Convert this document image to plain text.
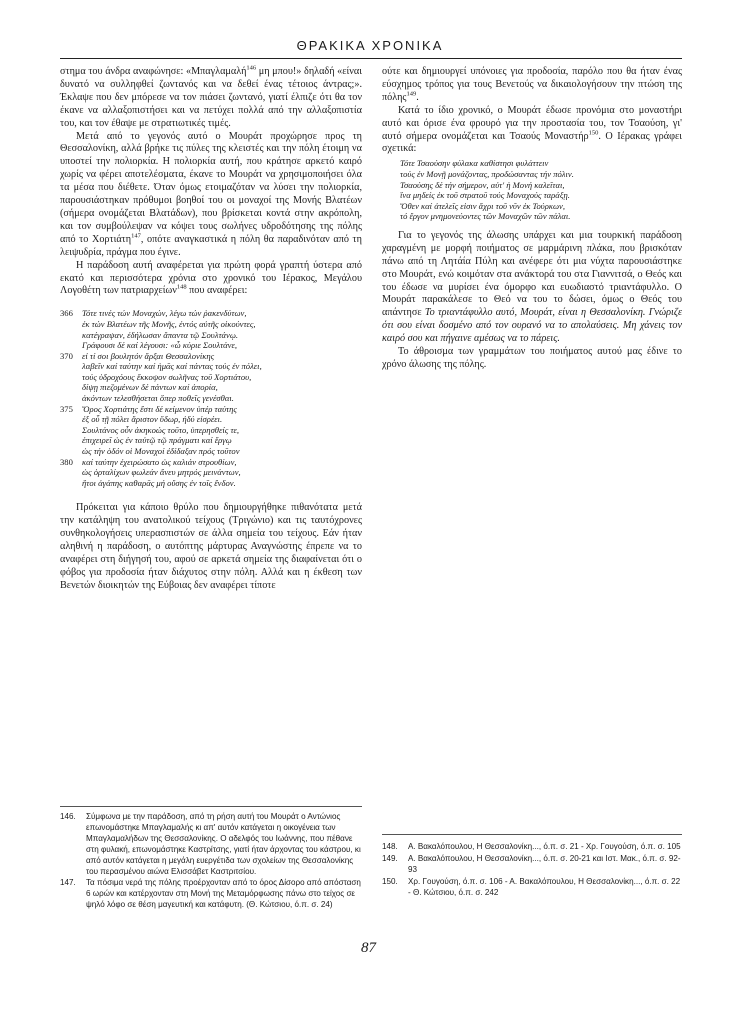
ΘΡΑΚΙΚΑ ΧΡΟΝΙΚΑ

στημα του άνδρα αναφώνησε: «Μπαγλαμαλή$^{146}$ μη μπου!» δηλαδή «είναι δυνατό να συλληφθεί ζωντανός και να δεθεί ένας τέτοιος άντρας;». Έκλαψε που δεν μπόρεσε να τον πιάσει ζωντανό, γιατί έλπιζε ότι θα τον έκανε να αλλαξοπιστήσει και να πετύχει πολλά από την αλλαξοπιστία του, και τον έθαψε με στρατιωτικές τιμές.

Μετά από το γεγονός αυτό ο Μουράτ προχώρησε προς τη Θεσσαλονίκη, αλλά βρήκε τις πύλες της κλειστές και την πόλη έτοιμη να υποστεί την πολιορκία. Η πολιορκία αυτή, που κράτησε αρκετό καιρό χωρίς να φέρει αποτελέσματα, έκανε το Μουράτ να χρησιμοποιήσει όλα τα μέσα που διέθετε. Όταν όμως ετοιμαζόταν να λύσει την πολιορκία, παρουσιάστηκαν πρόθυμοι βοηθοί του οι μοναχοί της Μονής Βλατέων (σήμερα ονομάζεται Βλατάδων), που βρίσκεται κοντά στην ακρόπολη, και τον συμβούλεψαν να κόψει τους σωλήνες υδροδότησης της πόλης από το Χορτιάτη$^{147}$, οπότε αναγκαστικά η πόλη θα παραδινόταν από τη λειψυδρία, πράγμα που έγινε.

Η παράδοση αυτή αναφέρεται για πρώτη φορά γραπτή ύστερα από εκατό και περισσότερα χρόνια στο χρονικό του Ιέρακος, Μεγάλου Λογοθέτη των πατριαρχείων$^{148}$ που αναφέρει:

366	Τότε τινές τών Μοναχών, λέγω τών ῥακενδύτων,
ἐκ τών Βλατέων τῆς Μονῆς, ἐντός αὐτῆς οἰκούντες,
κατέγραψαν, ἐδήλωσαν ἅπαντα τῷ Σουλτάνῳ.
Γράφουσι δέ καί λέγουσι: «ὦ κύριε Σουλτάνε,
370	εἰ τί σοι βουλητόν ἄρξαι Θεσσαλονίκης
λαβεῖν καί ταύτην καί ἡμᾶς καί πάντας τούς ἐν πόλει,
τούς ὑδροχόους ἔκκοψον σωλῆνας τοῦ Χορτιάτου,
δίψῃ πιεζομένων δέ πάντων καί ἀπορία,
ἀκόντων τελεσθήσεται ὅπερ ποθεῖς γενέσθαι.
375	Ὄρος Χορτιάτης ἔστι δέ κείμενον ὑπέρ ταύτης
ἐξ οὗ τῇ πόλει ἄριστον ὕδωρ, ἠδύ εἰσρέει.
Σουλτάνος οὖν ἀκηκοώς τοῦτο, ὑπερησθείς τε,
ἐπιχειρεῖ ὡς ἐν ταὐτῷ τῷ πράγματι καί ἔργῳ
ὡς τήν ὁδόν οἱ Μοναχοί ἐδίδαξαν πρός τοῦτον
380	καί ταύτην ἐχειρώσατο ὡς καλιάν στρουθίων,
ὡς ὀρταλίχων φωλεάν ἄνευ μητρός μεινάντων,
ἥτοι ἀγάπης καθαρᾶς μή οὔσης ἐν τοῖς ἔνδον.

Πρόκειται για κάποιο θρύλο που δημιουργήθηκε πιθανότατα μετά την κατάληψη του ανατολικού τείχους (Τριγώνιο) και τις ταυτόχρονες συνθηκολογήσεις υπερασπιστών σε άλλα σημεία του τείχους. Εάν ήταν αληθινή η παράδοση, ο αυτόπτης μάρτυρας Αναγνώστης έπρεπε να το αναφέρει στη διήγησή του, αφού σε αρκετά σημεία της διαφαίνεται ότι ο φόβος για προδοσία ήταν διάχυτος στην πόλη. Αλλά και η έκθεση των Βενετών διοικητών της Εύβοιας δεν αναφέρει τίποτε

ούτε και δημιουργεί υπόνοιες για προδοσία, παρόλο που θα ήταν ένας εύσχημος τρόπος για τους Βενετούς να δικαιολογήσουν την πτώση της πόλης$^{149}$.

Κατά το ίδιο χρονικό, ο Μουράτ έδωσε προνόμια στο μοναστήρι αυτό και όρισε ένα φρουρό για την προστασία του, τον Τσαούση, γι' αυτό σήμερα ονομάζεται και Τσαούς Μοναστήρ$^{150}$. Ο Ιέρακας γράφει σχετικά:

Τότε Τσαούσην φύλακα καθίστησι φυλάττειν
τούς ἐν Μονῇ μονάζοντας, προδώσαντας τήν πόλιν.
Τσαούσης δέ τήν σήμερον, αὐτ' ἡ Μονή καλεῖται,
ἵνα μηδείς ἐκ τοῦ στρατοῦ τούς Μοναχούς ταράξῃ.
Ὅθεν καί ἀτελεῖς εἰσιν ἄχρι τοῦ νῦν ἐκ Τούρκων,
τό ἔργον μνημονεύοντες τῶν Μοναχῶν τῶν πάλαι.

Για το γεγονός της άλωσης υπάρχει και μια τουρκική παράδοση χαραγμένη με μορφή ποιήματος σε μαρμάρινη πλάκα, που βρισκόταν πάνω από τη Λητάία Πύλη και ανέφερε ότι μια νύχτα παρουσιάστηκε στο Μουράτ, ενώ κοιμόταν στα ανάκτορά του στα Γιαννιτσά, ο Θεός και του έδωσε να μυρίσει ένα όμορφο και ευωδιαστό τριαντάφυλλο. Ο Μουράτ παρακάλεσε το Θεό να του το δώσει, όμως ο Θεός του απάντησε Το τριαντάφυλλο αυτό, Μουράτ, είναι η Θεσσαλονίκη. Γνώριζε ότι σου είναι δοσμένο από τον ουρανό να το απολαύσεις. Μη χάνεις τον καιρό σου και πήγαινε αμέσως να το πάρεις.

Το άθροισμα των γραμμάτων του ποιήματος αυτού μας έδινε το χρόνο άλωσης της πόλης.

146.	Σύμφωνα με την παράδοση, από τη ρήση αυτή του Μουράτ ο Αντώνιος επωνομάστηκε Μπαγλαμαλής κι απ' αυτόν κατάγεται η οικογένεια των Μπαγλαμαλήδων της Θεσσαλονίκης. Ο αδελφός του Ιωάννης, που πέθανε στη φυλακή, επωνομάστηκε Καστρίτσης, γιατί ήταν άρχοντας του κάστρου, κι από αυτόν κατάγεται η μεγάλη ευεργέτιδα των σχολείων της Θεσσαλονίκης του περασμένου αιώνα Ελισσάβετ Καστριτσίου.
147.	Τα πόσιμα νερά της πόλης προέρχονταν από το όρος Δίσορο από απόσταση 6 ωρών και κατέρχονταν στη Μονή της Μεταμόρφωσης πάνω στο τείχος σε ψηλό λόφο σε θέση μαγευτική και κατάφυτη. (Θ. Κώτσιου, ό.π. σ. 24)
148.	Α. Βακαλόπουλου, Η Θεσσαλονίκη..., ό.π. σ. 21 - Χρ. Γουγούση, ό.π. σ. 105
149.	Α. Βακαλόπουλου, Η Θεσσαλονίκη..., ό.π. σ. 20-21 και Ιστ. Μακ., ό.π. σ. 92-93
150.	Χρ. Γουγούση, ό.π. σ. 106 - Α. Βακαλόπουλου, Η Θεσσαλονίκη..., ό.π. σ. 22 - Θ. Κώτσιου, ό.π. σ. 242
87
